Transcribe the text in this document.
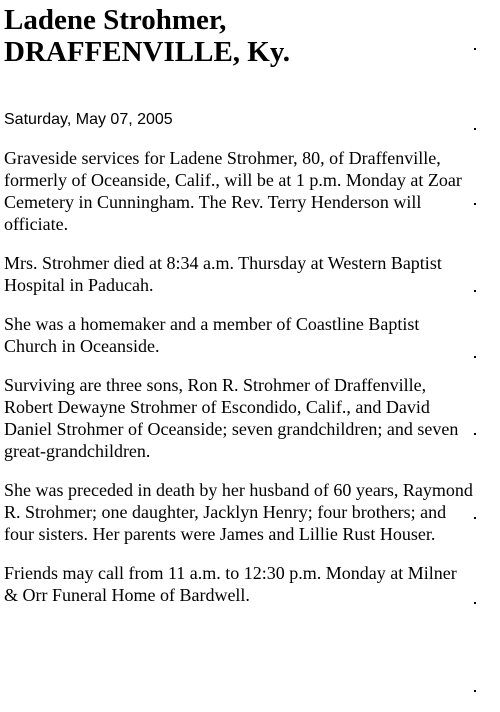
Ladene Strohmer,
DRAFFENVILLE, Ky.
Saturday, May 07, 2005

Graveside services for Ladene Strohmer, 80, of Draffenville, formerly of Oceanside, Calif., will be at 1 p.m. Monday at Zoar Cemetery in Cunningham. The Rev. Terry Henderson will officiate.

Mrs. Strohmer died at 8:34 a.m. Thursday at Western Baptist Hospital in Paducah.

She was a homemaker and a member of Coastline Baptist Church in Oceanside.

Surviving are three sons, Ron R. Strohmer of Draffenville, Robert Dewayne Strohmer of Escondido, Calif., and David Daniel Strohmer of Oceanside; seven grandchildren; and seven great-grandchildren.

She was preceded in death by her husband of 60 years, Raymond R. Strohmer; one daughter, Jacklyn Henry; four brothers; and four sisters. Her parents were James and Lillie Rust Houser.

Friends may call from 11 a.m. to 12:30 p.m. Monday at Milner & Orr Funeral Home of Bardwell.
